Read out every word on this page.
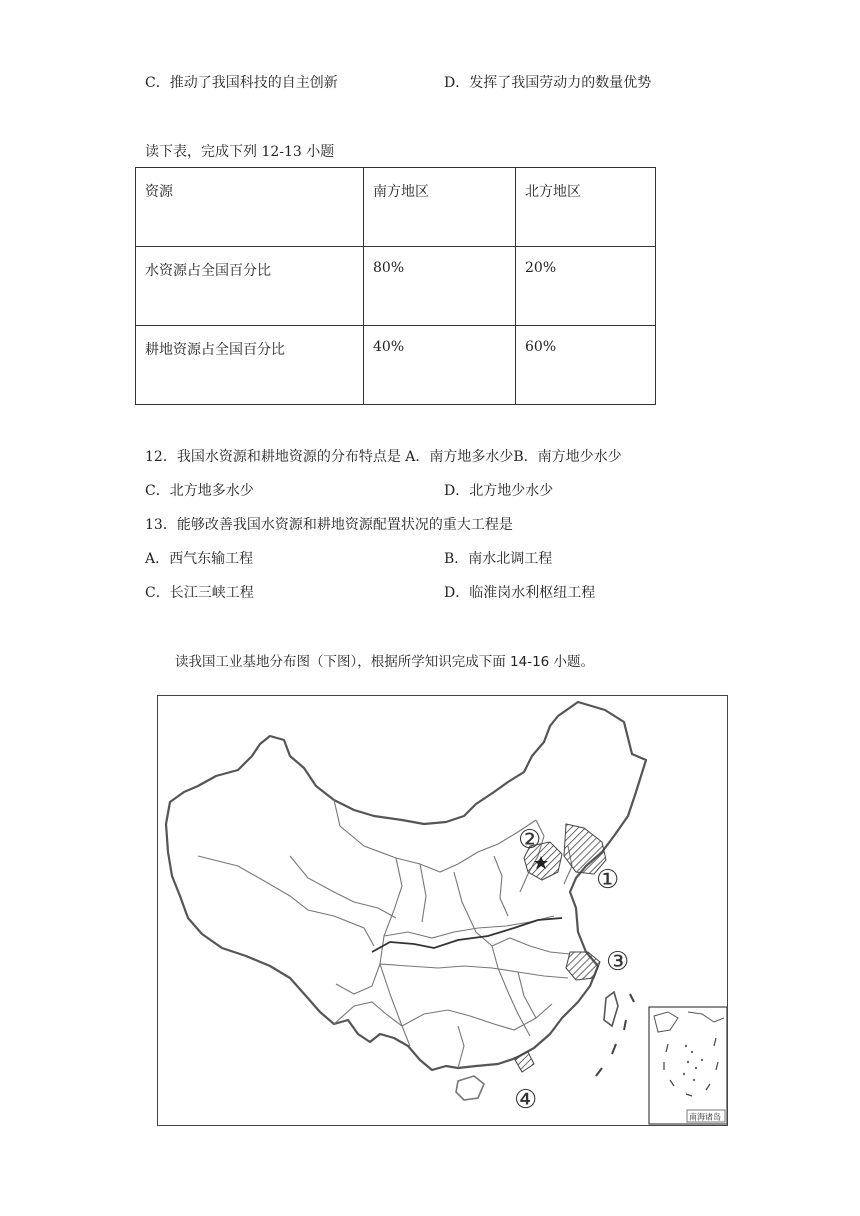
C．推动了我国科技的自主创新	D．发挥了我国劳动力的数量优势
读下表，完成下列 12-13 小题
资源	南方地区	北方地区
水资源占全国百分比	80%	20%
耕地资源占全国百分比	40%	60%
12．我国水资源和耕地资源的分布特点是 A．南方地多水少B．南方地少水少
C．北方地多水少	D．北方地少水少
13．能够改善我国水资源和耕地资源配置状况的重大工程是
A．西气东输工程	B．南水北调工程
C．长江三峡工程	D．临淮岗水利枢纽工程
读我国工业基地分布图（下图），根据所学知识完成下面 14-16 小题。
①
②
③
④
南海诸岛
